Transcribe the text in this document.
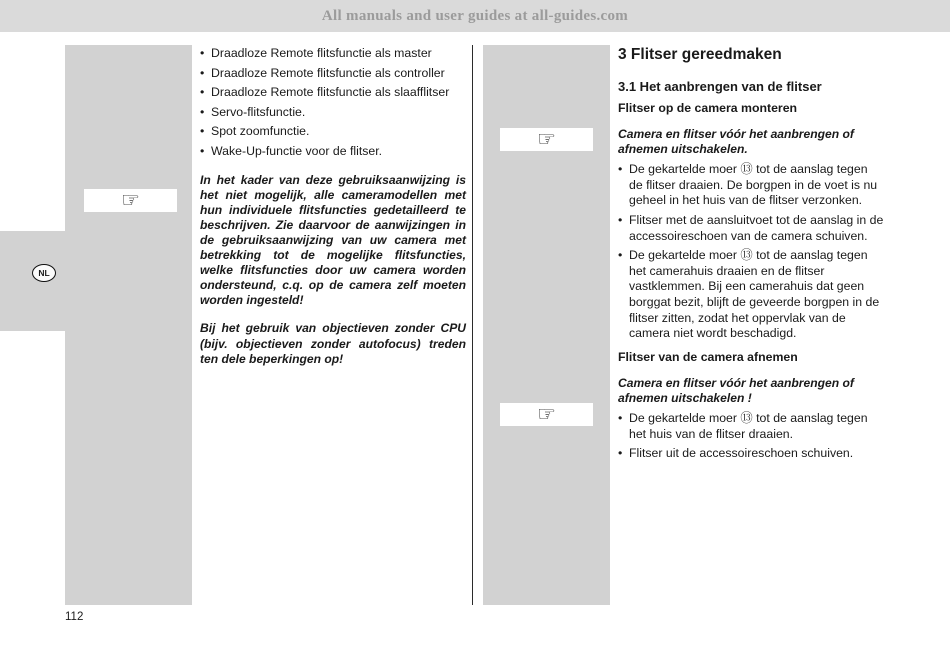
All manuals and user guides at all-guides.com
NL
☞
☞
☞
• Draadloze Remote flitsfunctie als master
• Draadloze Remote flitsfunctie als controller
• Draadloze Remote flitsfunctie als slaafflitser
• Servo-flitsfunctie.
• Spot zoomfunctie.
• Wake-Up-functie voor de flitser.

In het kader van deze gebruiksaanwijzing is het niet mogelijk, alle cameramodellen met hun individuele flitsfuncties gedetailleerd te beschrijven. Zie daarvoor de aanwijzingen in de gebruiksaanwijzing van uw camera met betrekking tot de mogelijke flitsfuncties, welke flitsfuncties door uw camera worden ondersteund, c.q. op de camera zelf moeten worden ingesteld!

Bij het gebruik van objectieven zonder CPU (bijv. objectieven zonder autofocus) treden ten dele beperkingen op!

3 Flitser gereedmaken
3.1 Het aanbrengen van de flitser
Flitser op de camera monteren

Camera en flitser vóór het aanbrengen of afnemen uitschakelen.

• De gekartelde moer ⑬ tot de aanslag tegen de flitser draaien. De borgpen in de voet is nu geheel in het huis van de flitser verzonken.
• Flitser met de aansluitvoet tot de aanslag in de accessoireschoen van de camera schuiven.
• De gekartelde moer ⑬ tot de aanslag tegen het camerahuis draaien en de flitser vastklemmen. Bij een camerahuis dat geen borggat bezit, blijft de geveerde borgpen in de flitser zitten, zodat het oppervlak van de camera niet wordt beschadigd.
Flitser van de camera afnemen

Camera en flitser vóór het aanbrengen of afnemen uitschakelen !

• De gekartelde moer ⑬ tot de aanslag tegen het huis van de flitser draaien.
• Flitser uit de accessoireschoen schuiven.
112
